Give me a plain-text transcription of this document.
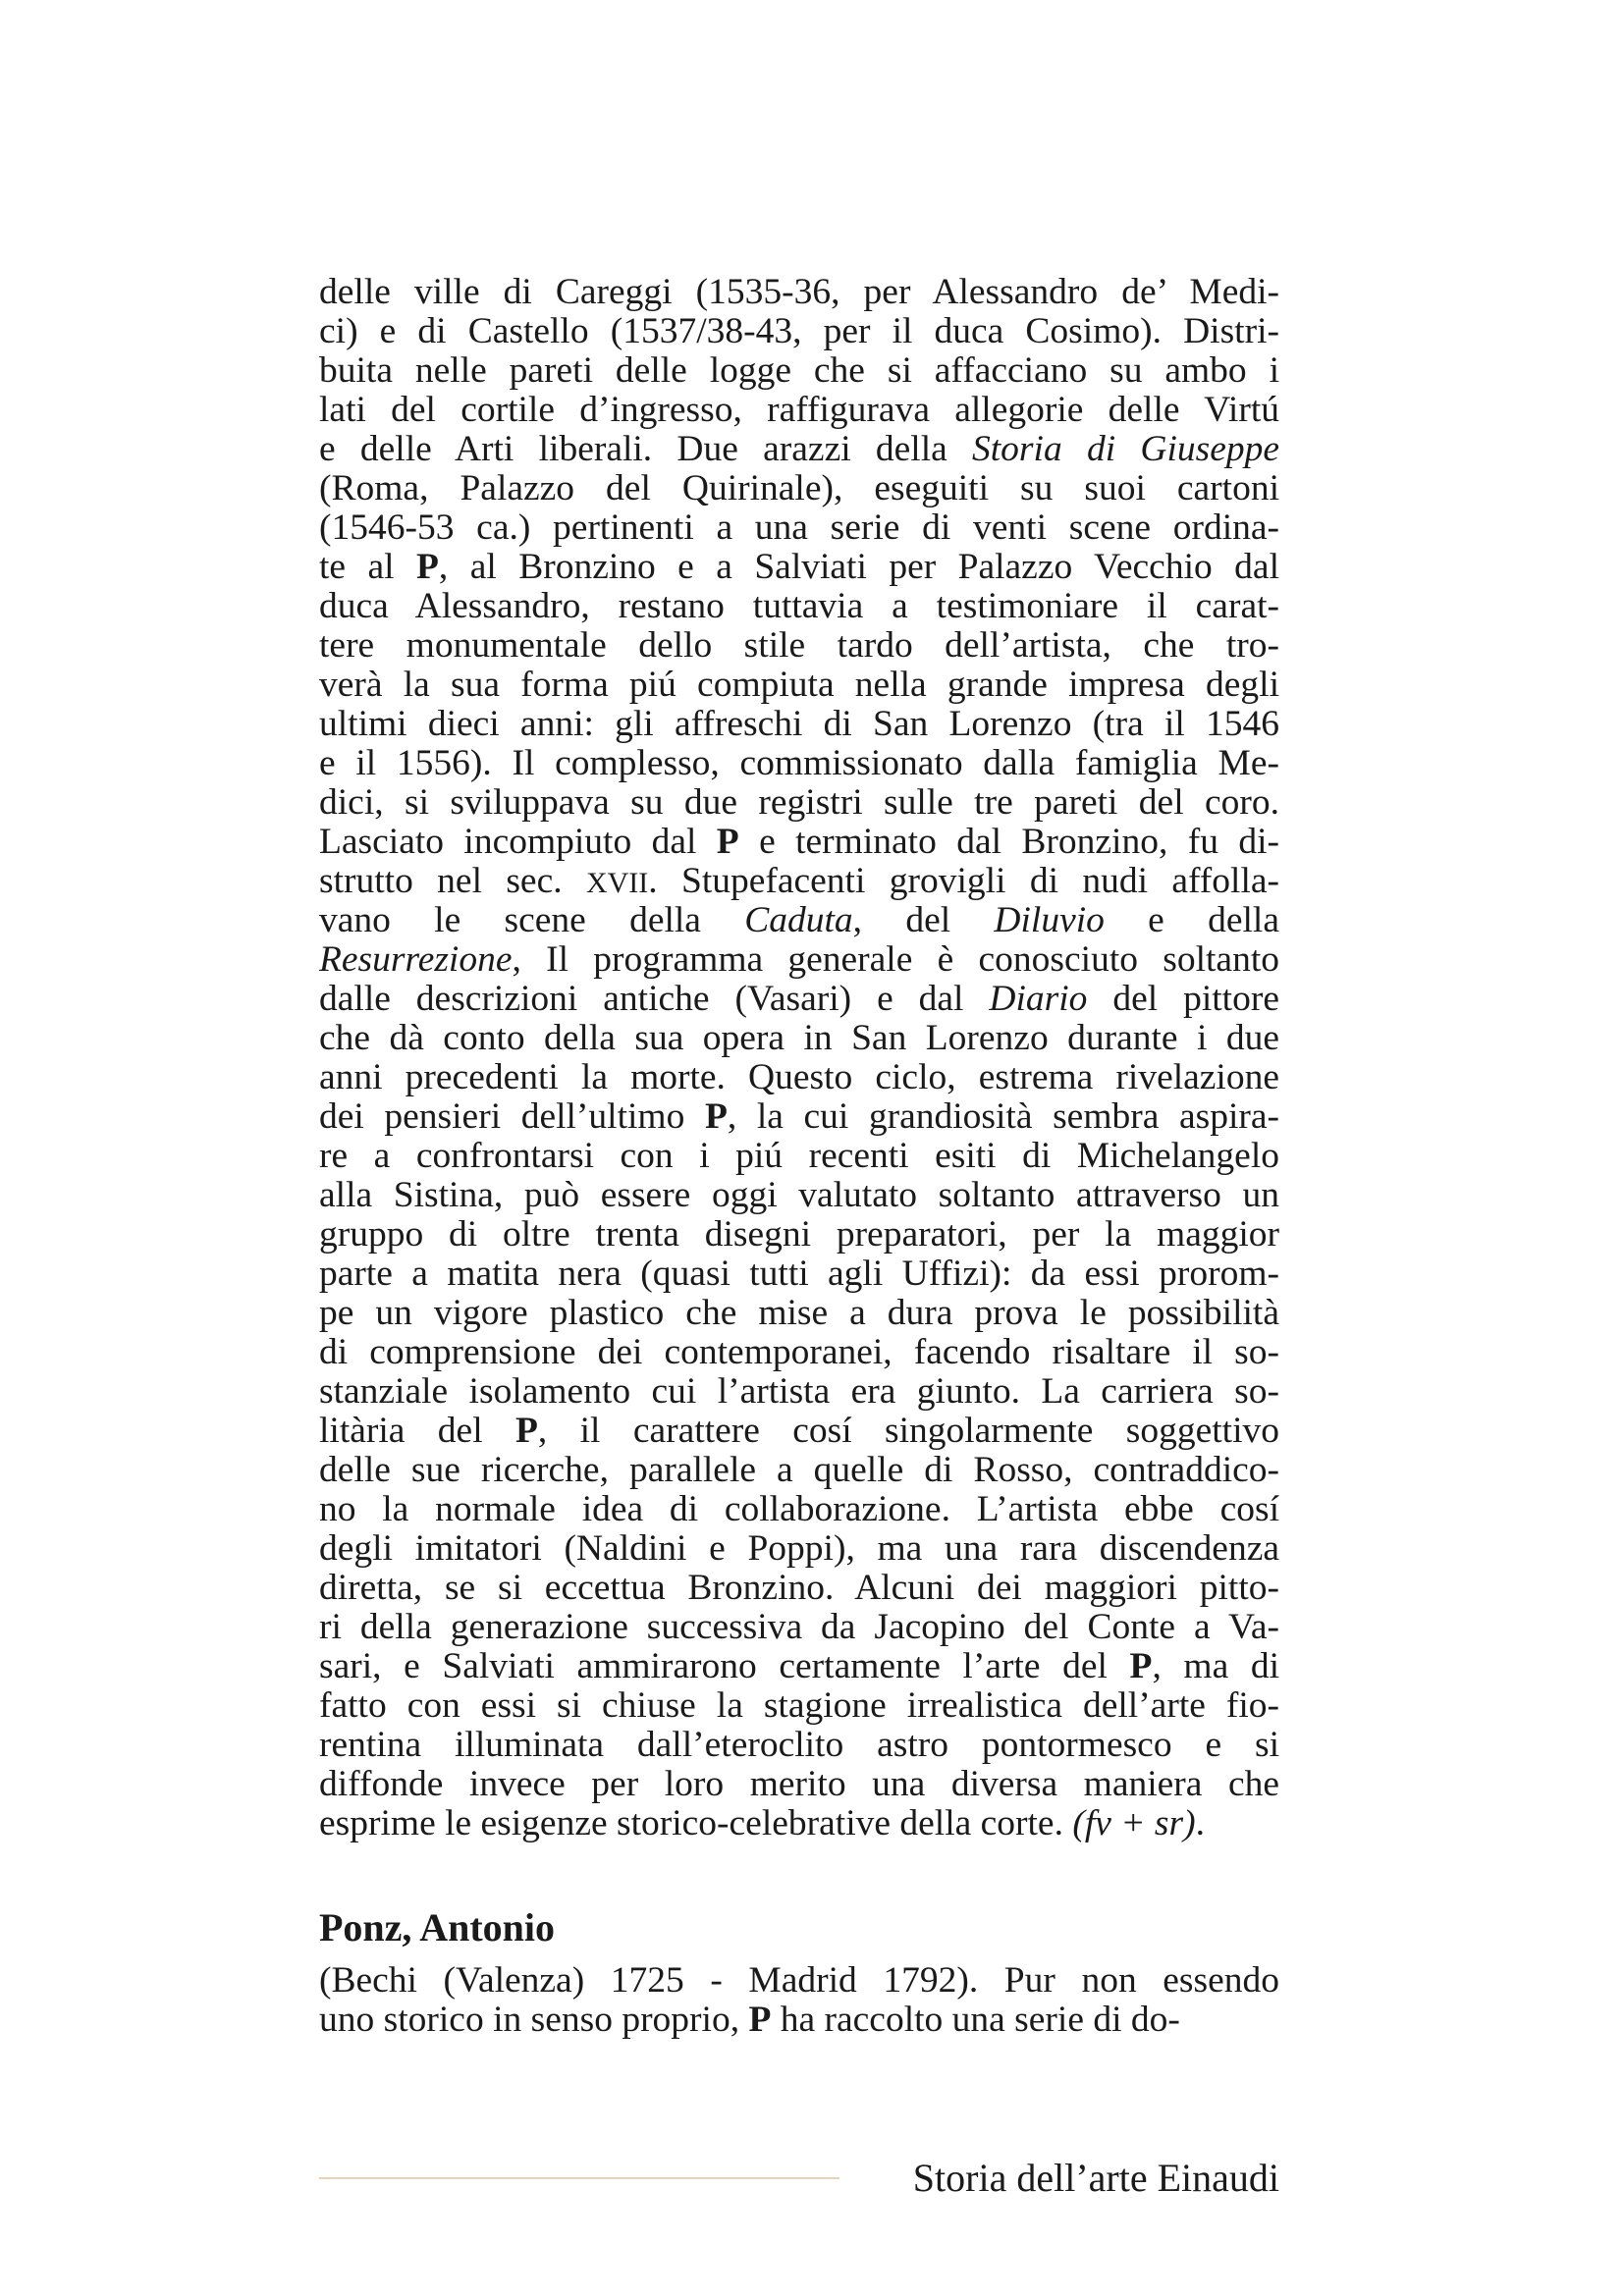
delle ville di Careggi (1535-36, per Alessandro de’ Medi-
ci) e di Castello (1537/38-43, per il duca Cosimo). Distri-
buita nelle pareti delle logge che si affacciano su ambo i
lati del cortile d’ingresso, raffigurava allegorie delle Virtú
e delle Arti liberali. Due arazzi della Storia di Giuseppe
(Roma, Palazzo del Quirinale), eseguiti su suoi cartoni
(1546-53 ca.) pertinenti a una serie di venti scene ordina-
te al P, al Bronzino e a Salviati per Palazzo Vecchio dal
duca Alessandro, restano tuttavia a testimoniare il carat-
tere monumentale dello stile tardo dell’artista, che tro-
verà la sua forma piú compiuta nella grande impresa degli
ultimi dieci anni: gli affreschi di San Lorenzo (tra il 1546
e il 1556). Il complesso, commissionato dalla famiglia Me-
dici, si sviluppava su due registri sulle tre pareti del coro.
Lasciato incompiuto dal P e terminato dal Bronzino, fu di-
strutto nel sec. XVII. Stupefacenti grovigli di nudi affolla-
vano le scene della Caduta, del Diluvio e della
Resurrezione, Il programma generale è conosciuto soltanto
dalle descrizioni antiche (Vasari) e dal Diario del pittore
che dà conto della sua opera in San Lorenzo durante i due
anni precedenti la morte. Questo ciclo, estrema rivelazione
dei pensieri dell’ultimo P, la cui grandiosità sembra aspira-
re a confrontarsi con i piú recenti esiti di Michelangelo
alla Sistina, può essere oggi valutato soltanto attraverso un
gruppo di oltre trenta disegni preparatori, per la maggior
parte a matita nera (quasi tutti agli Uffizi): da essi prorom-
pe un vigore plastico che mise a dura prova le possibilità
di comprensione dei contemporanei, facendo risaltare il so-
stanziale isolamento cui l’artista era giunto. La carriera so-
litària del P, il carattere cosí singolarmente soggettivo
delle sue ricerche, parallele a quelle di Rosso, contraddico-
no la normale idea di collaborazione. L’artista ebbe cosí
degli imitatori (Naldini e Poppi), ma una rara discendenza
diretta, se si eccettua Bronzino. Alcuni dei maggiori pitto-
ri della generazione successiva da Jacopino del Conte a Va-
sari, e Salviati ammirarono certamente l’arte del P, ma di
fatto con essi si chiuse la stagione irrealistica dell’arte fio-
rentina illuminata dall’eteroclito astro pontormesco e si
diffonde invece per loro merito una diversa maniera che
esprime le esigenze storico-celebrative della corte. (fv + sr).
Ponz, Antonio
(Bechi (Valenza) 1725 - Madrid 1792). Pur non essendo
uno storico in senso proprio, P ha raccolto una serie di do-
Storia dell’arte Einaudi
